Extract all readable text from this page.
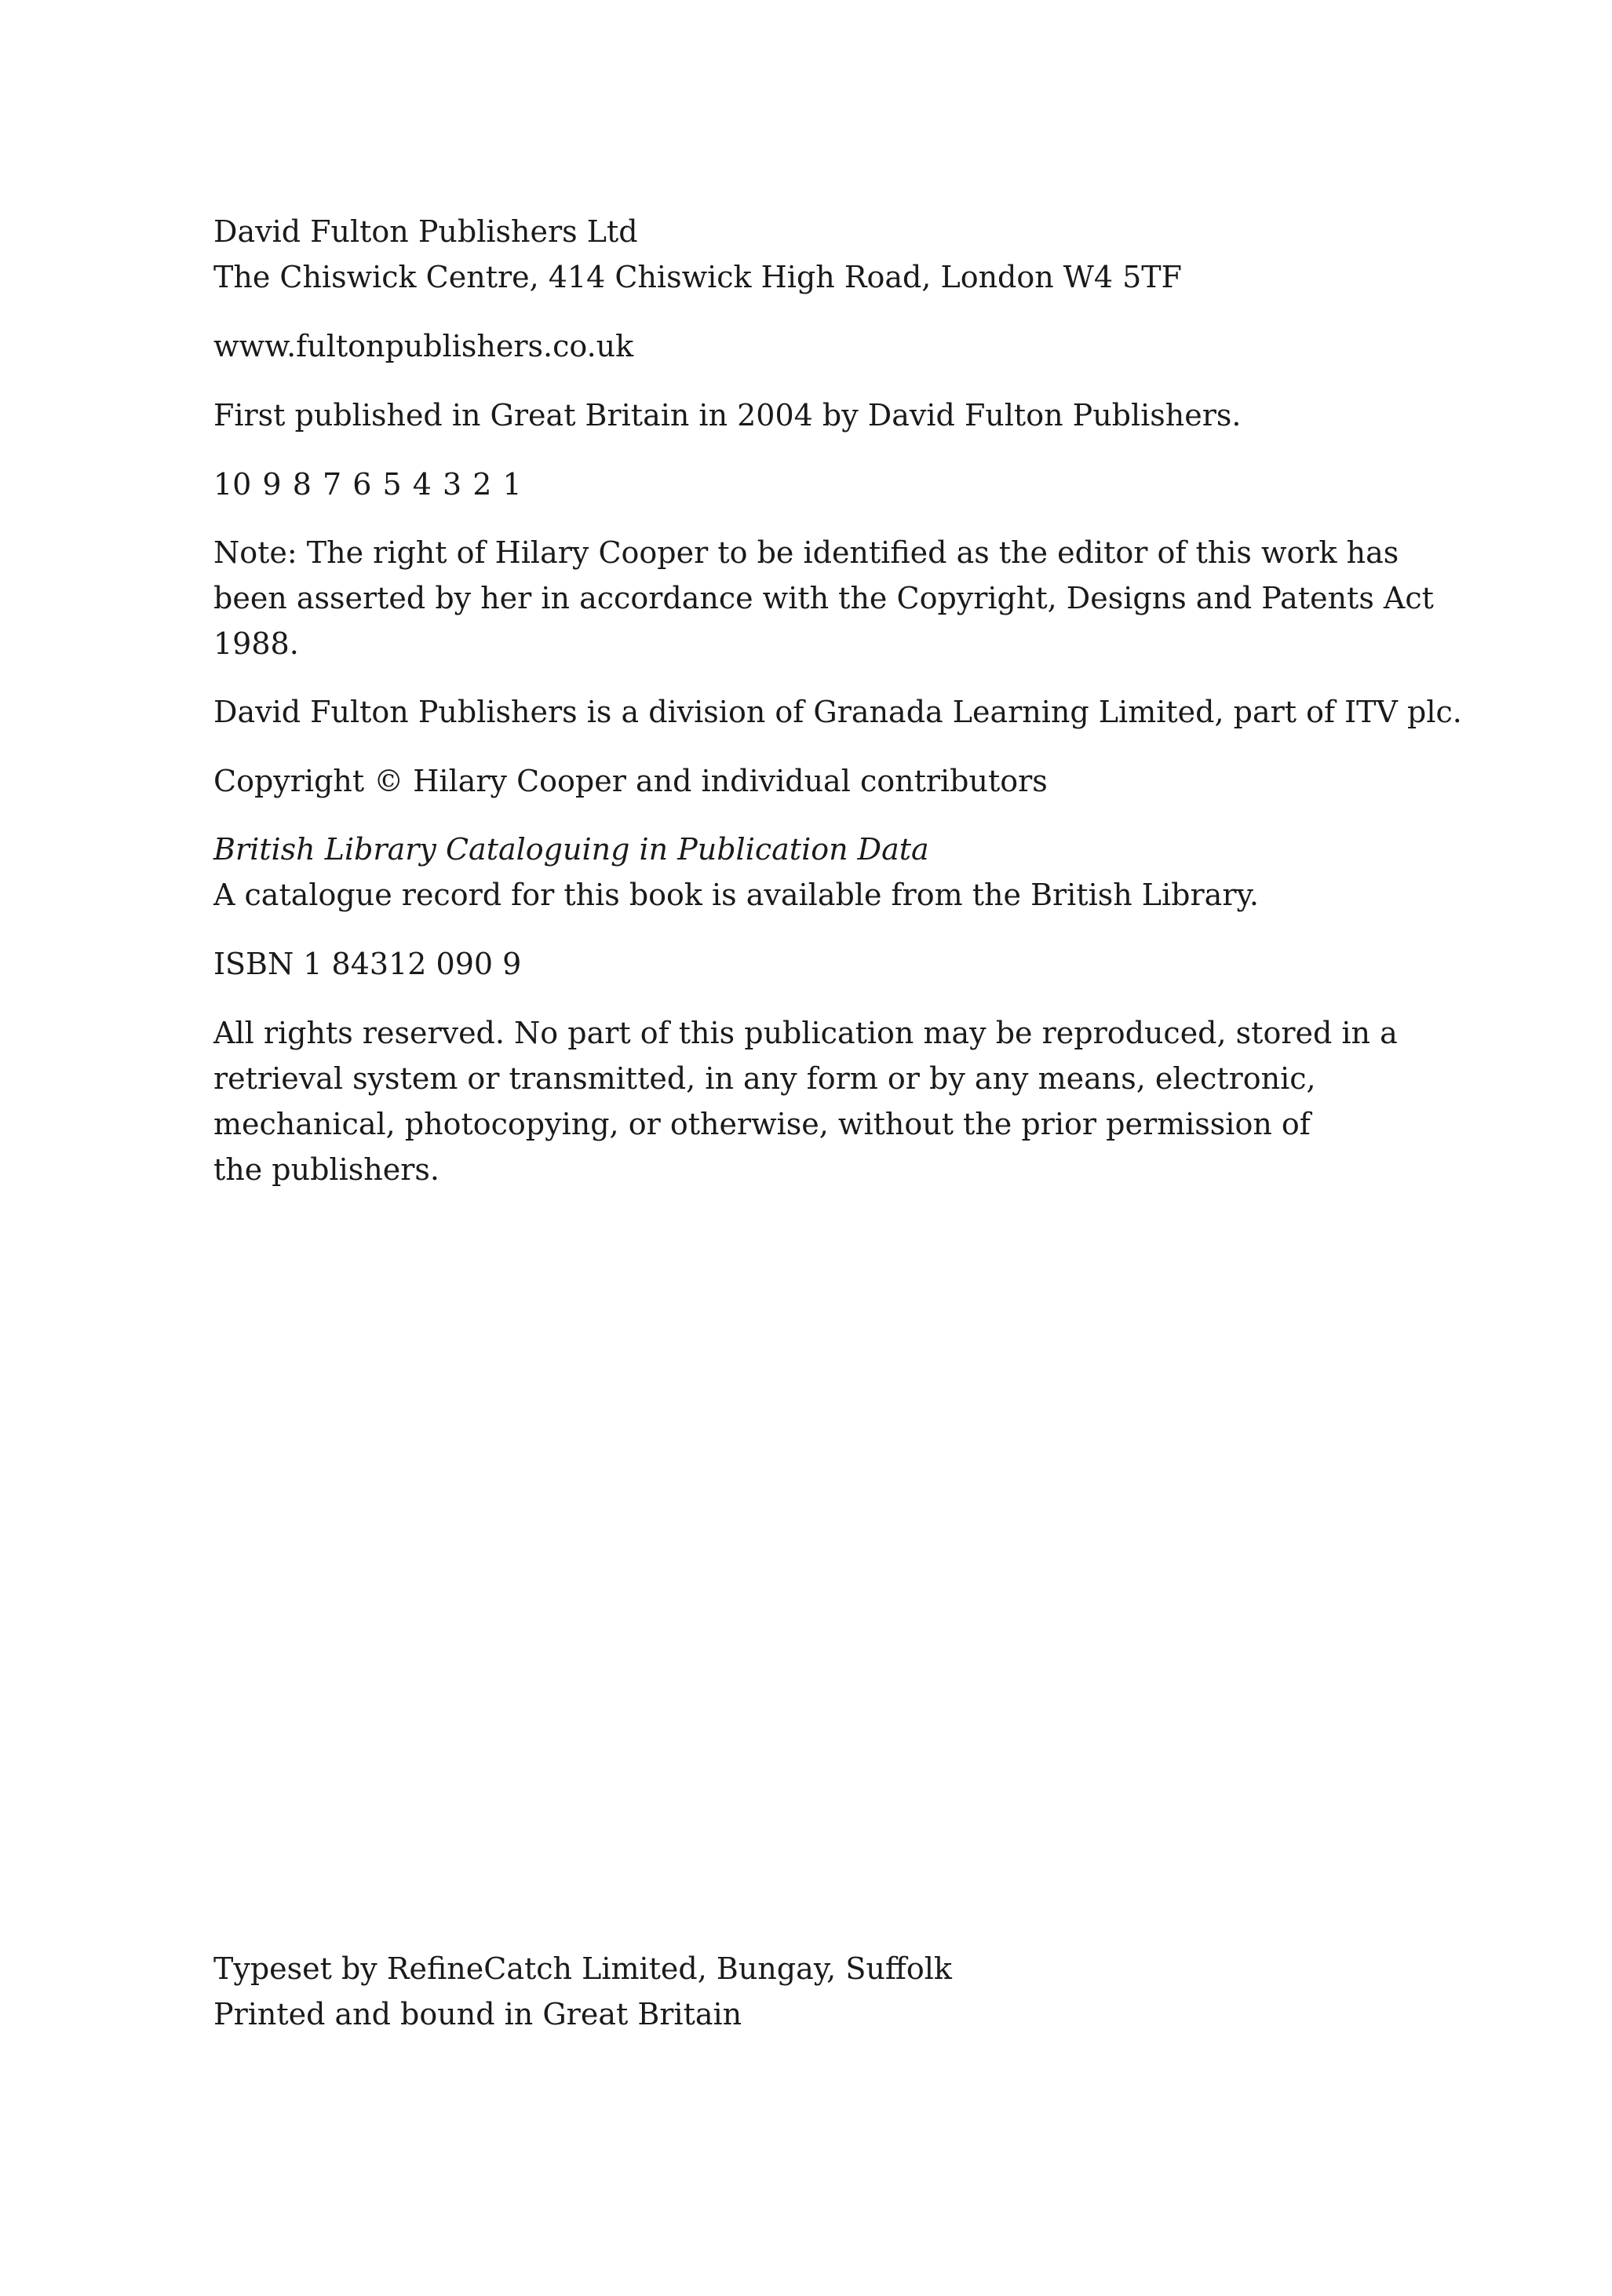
David Fulton Publishers Ltd

The Chiswick Centre, 414 Chiswick High Road, London W4 5TF

www.fultonpublishers.co.uk

First published in Great Britain in 2004 by David Fulton Publishers.

10 9 8 7 6 5 4 3 2 1

Note: The right of Hilary Cooper to be identified as the editor of this work has

been asserted by her in accordance with the Copyright, Designs and Patents Act

1988.

David Fulton Publishers is a division of Granada Learning Limited, part of ITV plc.

Copyright © Hilary Cooper and individual contributors

British Library Cataloguing in Publication Data

A catalogue record for this book is available from the British Library.

ISBN 1 84312 090 9

All rights reserved. No part of this publication may be reproduced, stored in a

retrieval system or transmitted, in any form or by any means, electronic,

mechanical, photocopying, or otherwise, without the prior permission of

the publishers.

Typeset by RefineCatch Limited, Bungay, Suffolk

Printed and bound in Great Britain
